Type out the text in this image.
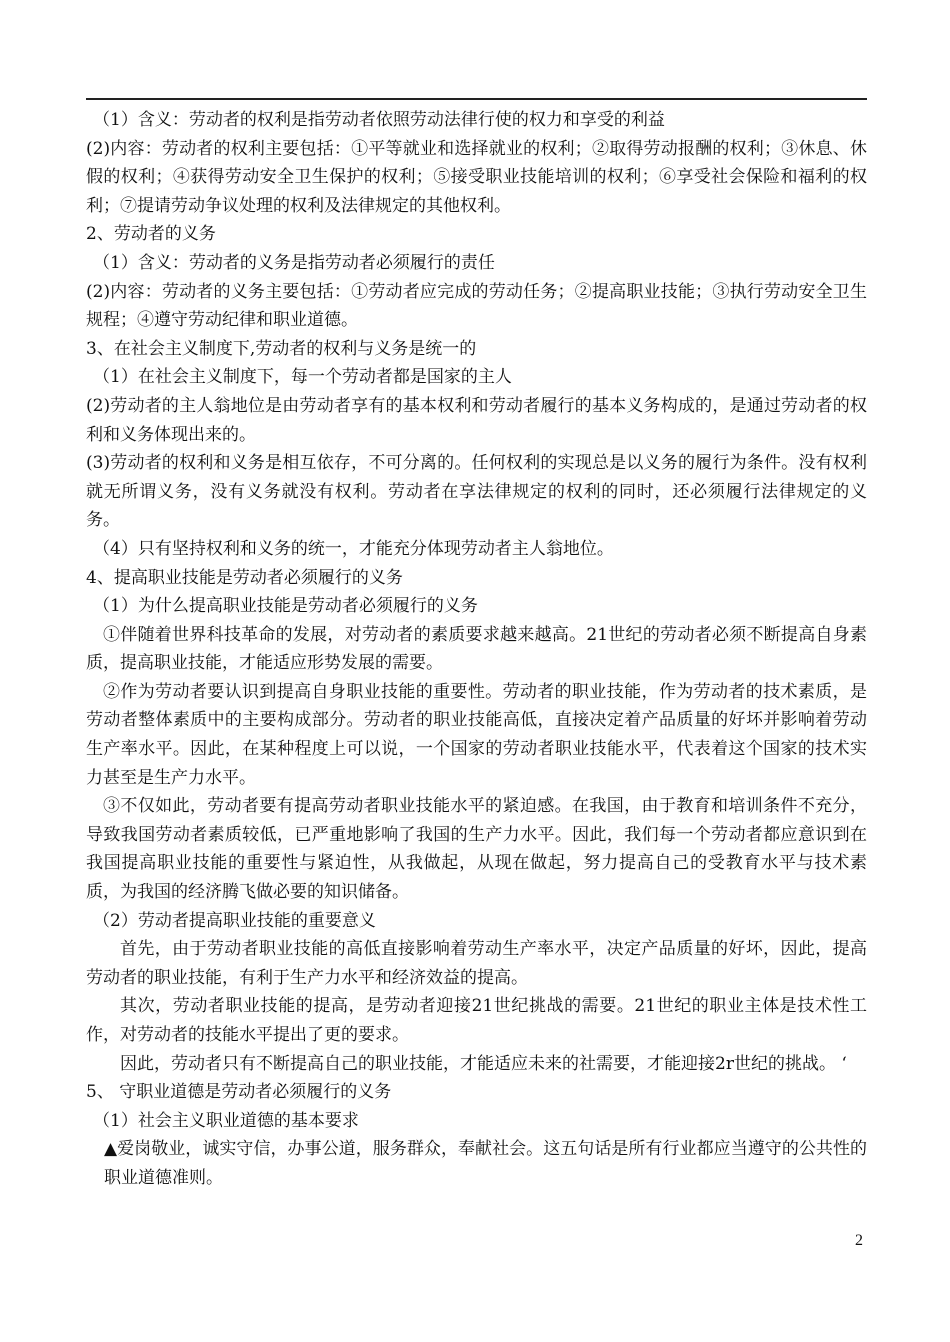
（1）含义：劳动者的权利是指劳动者依照劳动法律行使的权力和享受的利益

(2)内容：劳动者的权利主要包括：①平等就业和选择就业的权利；②取得劳动报酬的权利；③休息、休假的权利；④获得劳动安全卫生保护的权利；⑤接受职业技能培训的权利；⑥享受社会保险和福利的权利；⑦提请劳动争议处理的权利及法律规定的其他权利。

2、劳动者的义务

（1）含义：劳动者的义务是指劳动者必须履行的责任

(2)内容：劳动者的义务主要包括：①劳动者应完成的劳动任务；②提高职业技能；③执行劳动安全卫生规程；④遵守劳动纪律和职业道德。

3、在社会主义制度下,劳动者的权利与义务是统一的

（1）在社会主义制度下，每一个劳动者都是国家的主人

(2)劳动者的主人翁地位是由劳动者享有的基本权利和劳动者履行的基本义务构成的，是通过劳动者的权利和义务体现出来的。

(3)劳动者的权利和义务是相互依存，不可分离的。任何权利的实现总是以义务的履行为条件。没有权利就无所谓义务，没有义务就没有权利。劳动者在享法律规定的权利的同时，还必须履行法律规定的义务。

（4）只有坚持权利和义务的统一，才能充分体现劳动者主人翁地位。

4、提高职业技能是劳动者必须履行的义务

（1）为什么提高职业技能是劳动者必须履行的义务

①伴随着世界科技革命的发展，对劳动者的素质要求越来越高。21世纪的劳动者必须不断提高自身素质，提高职业技能，才能适应形势发展的需要。

②作为劳动者要认识到提高自身职业技能的重要性。劳动者的职业技能，作为劳动者的技术素质，是劳动者整体素质中的主要构成部分。劳动者的职业技能高低，直接决定着产品质量的好坏并影响着劳动生产率水平。因此，在某种程度上可以说，一个国家的劳动者职业技能水平，代表着这个国家的技术实力甚至是生产力水平。

③不仅如此，劳动者要有提高劳动者职业技能水平的紧迫感。在我国，由于教育和培训条件不充分，导致我国劳动者素质较低，已严重地影响了我国的生产力水平。因此，我们每一个劳动者都应意识到在我国提高职业技能的重要性与紧迫性，从我做起，从现在做起，努力提高自己的受教育水平与技术素质，为我国的经济腾飞做必要的知识储备。

（2）劳动者提高职业技能的重要意义

首先，由于劳动者职业技能的高低直接影响着劳动生产率水平，决定产品质量的好坏，因此，提高劳动者的职业技能，有利于生产力水平和经济效益的提高。

其次，劳动者职业技能的提高，是劳动者迎接21世纪挑战的需要。21世纪的职业主体是技术性工作，对劳动者的技能水平提出了更的要求。

因此，劳动者只有不断提高自己的职业技能，才能适应未来的社需要，才能迎接2r世纪的挑战。 ‘

5、 守职业道德是劳动者必须履行的义务

（1）社会主义职业道德的基本要求

▲爱岗敬业，诚实守信，办事公道，服务群众，奉献社会。这五句话是所有行业都应当遵守的公共性的职业道德准则。

2
